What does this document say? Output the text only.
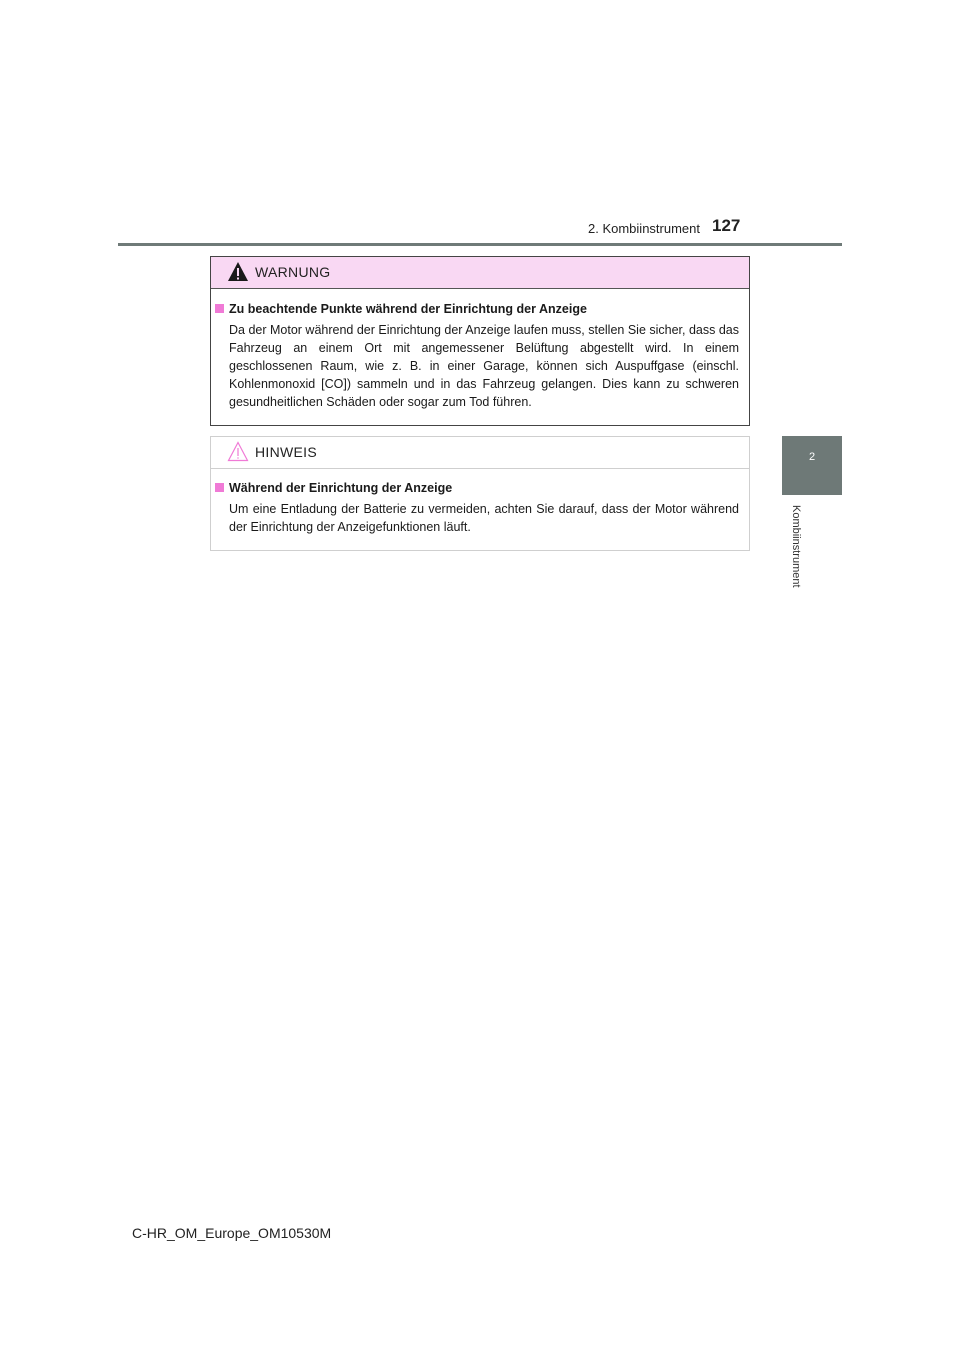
2. Kombiinstrument 127
2
Kombiinstrument
WARNUNG
Zu beachtende Punkte während der Einrichtung der Anzeige
Da der Motor während der Einrichtung der Anzeige laufen muss, stellen Sie sicher, dass das Fahrzeug an einem Ort mit angemessener Belüftung abgestellt wird. In einem geschlossenen Raum, wie z. B. in einer Garage, können sich Auspuffgase (einschl. Kohlenmonoxid [CO]) sammeln und in das Fahrzeug gelangen. Dies kann zu schweren gesundheitlichen Schäden oder sogar zum Tod führen.
HINWEIS
Während der Einrichtung der Anzeige
Um eine Entladung der Batterie zu vermeiden, achten Sie darauf, dass der Motor während der Einrichtung der Anzeigefunktionen läuft.
C-HR_OM_Europe_OM10530M
